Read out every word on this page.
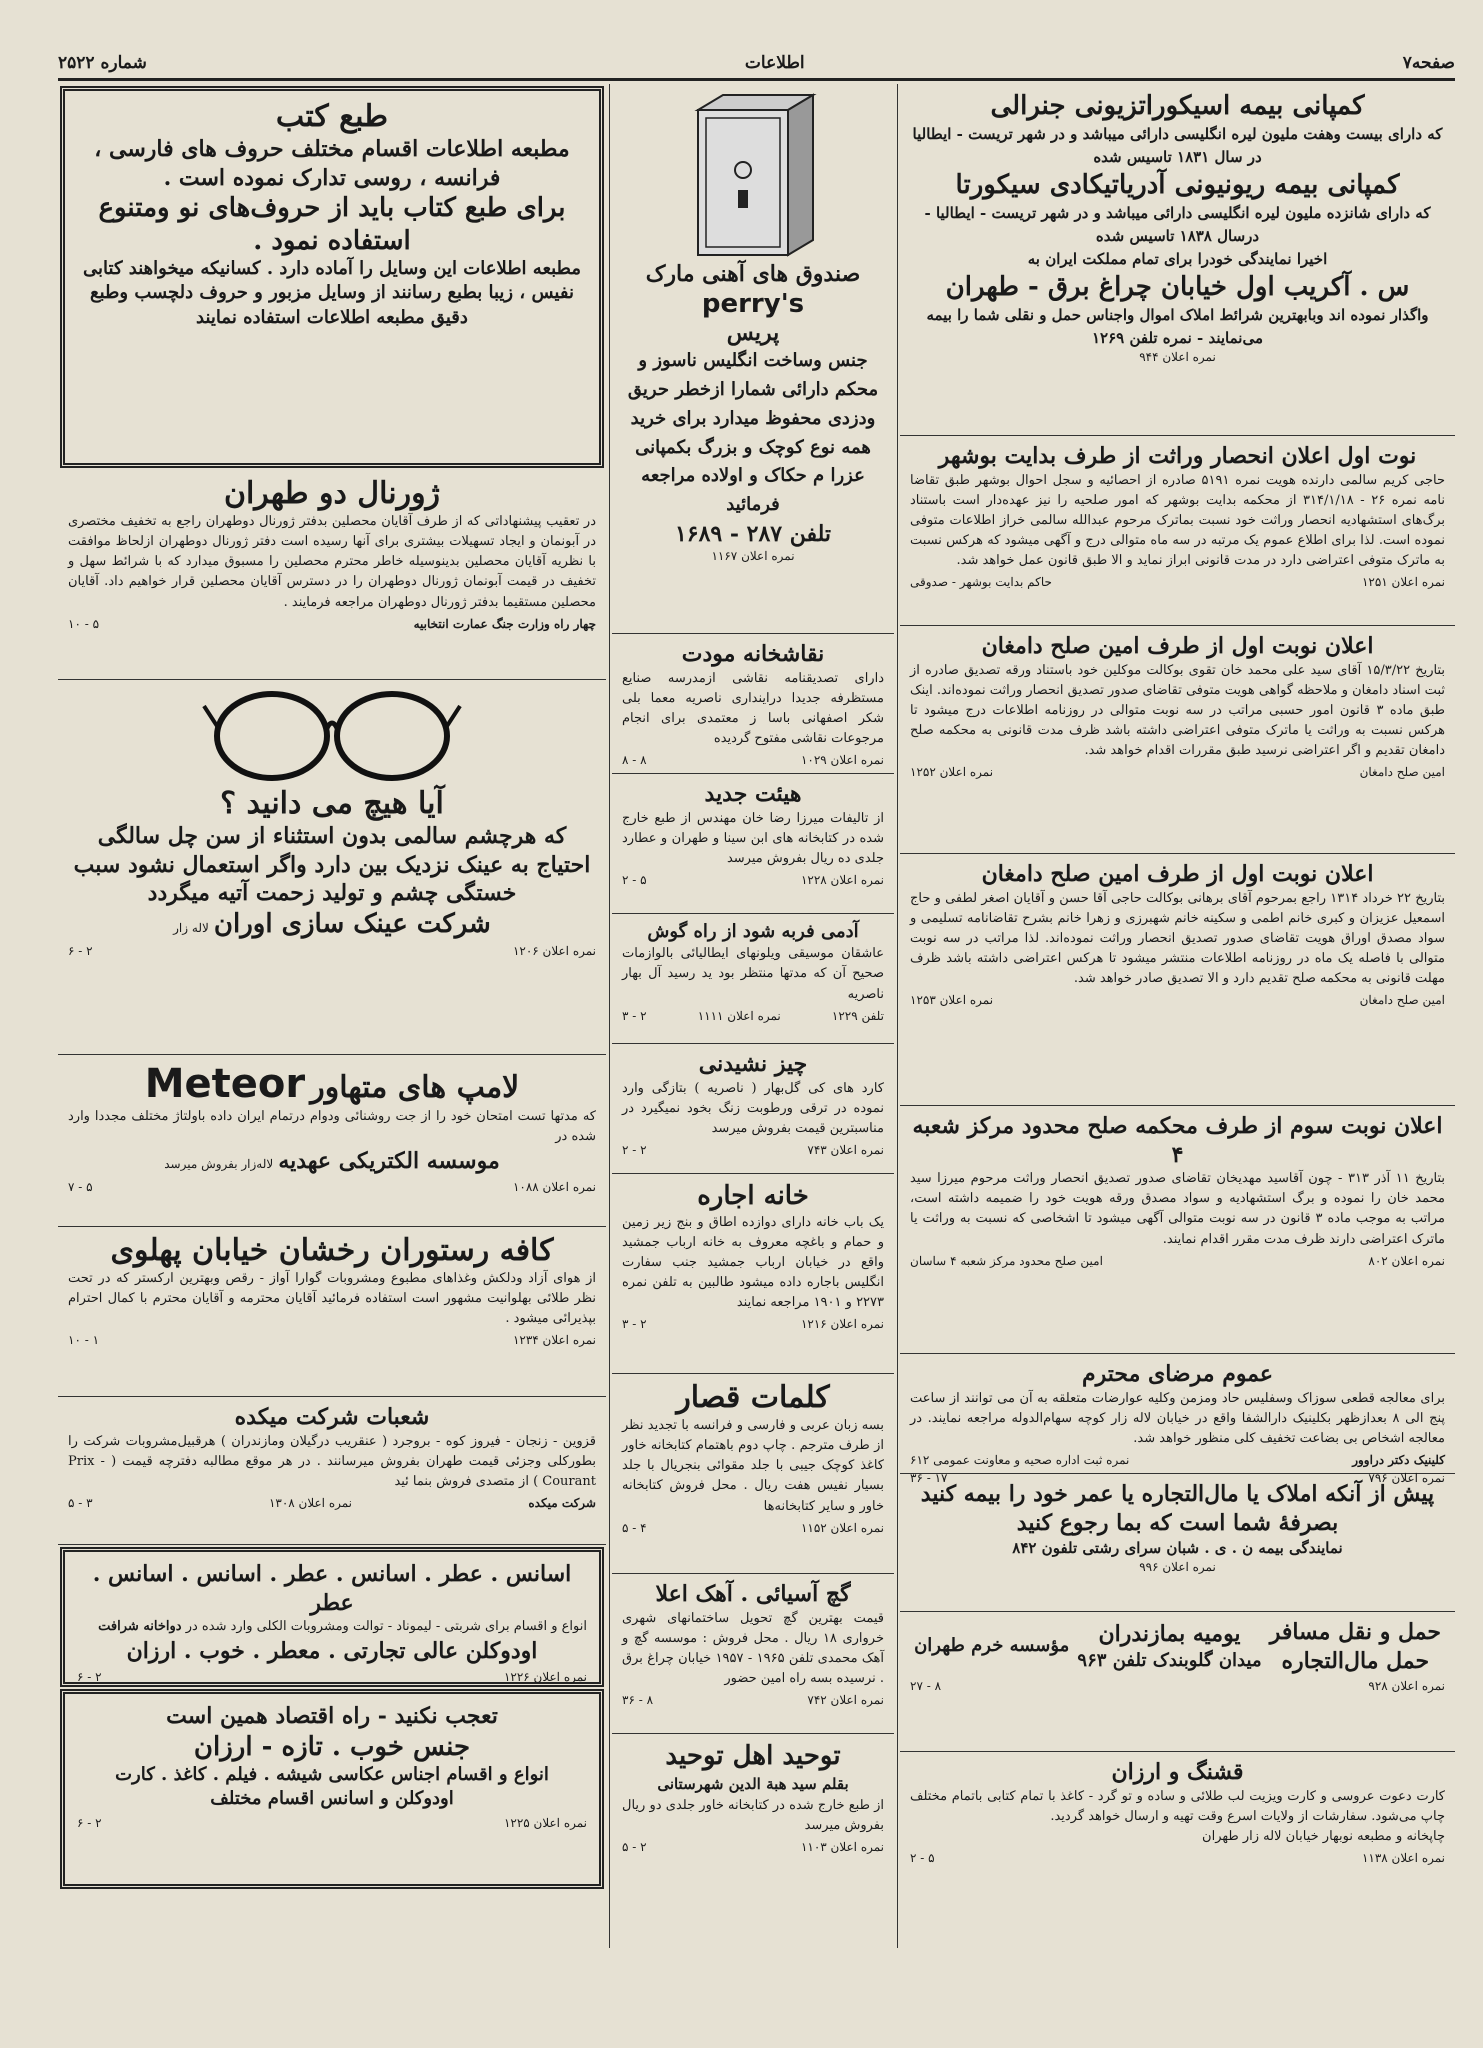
شماره ۲۵۲۲	اطلاعات	صفحه۷
کمپانی بیمه اسیکوراتزیونی جنرالی
که دارای بیست وهفت ملیون لیره انگلیسی دارائی میباشد و در شهر تریست - ایطالیا در سال ۱۸۳۱ تاسیس شده
کمپانی بیمه ریونیونی آدریاتیکادی سیکورتا
که دارای شانزده ملیون لیره انگلیسی دارائی میباشد و در شهر تریست - ایطالیا - درسال ۱۸۳۸ تاسیس شده
اخیرا نمایندگی خودرا برای تمام مملکت ایران به
س . آکریب اول خیابان چراغ برق - طهران
واگذار نموده اند وبابهترین شرائط املاک اموال واجناس حمل و نقلی شما را بیمه می‌نمایند - نمره تلفن ۱۲۶۹
نمره اعلان ۹۴۴
نوت اول اعلان انحصار وراثت از طرف بدایت بوشهر
حاجی کریم سالمی دارنده هویت نمره ۵۱۹۱ صادره از احصائیه و سجل احوال بوشهر طبق تقاضا نامه نمره ۲۶ - ۳۱۴/۱/۱۸ از محکمه بدایت بوشهر که امور صلحیه را نیز عهده‌دار است باستناد برگ‌های استشهادیه انحصار وراثت خود نسبت بماترک مرحوم عبدالله سالمی خراز اطلاعات متوفی نموده است. لذا برای اطلاع عموم یک مرتبه در سه ماه متوالی درج و آگهی میشود که هرکس نسبت به ماترک متوفی اعتراضی دارد در مدت قانونی ابراز نماید و الا طبق قانون عمل خواهد شد.
نمره اعلان ۱۲۵۱
حاکم بدایت بوشهر - صدوقی
اعلان نوبت اول از طرف امین صلح دامغان
بتاریخ ۱۵/۳/۲۲ آقای سید علی محمد خان تقوی بوکالت موکلین خود باستناد ورقه تصدیق صادره از ثبت اسناد دامغان و ملاحظه گواهی هویت متوفی تقاضای صدور تصدیق انحصار وراثت نموده‌اند. اینک طبق ماده ۳ قانون امور حسبی مراتب در سه نوبت متوالی در روزنامه اطلاعات درج میشود تا هرکس نسبت به وراثت یا ماترک متوفی اعتراضی داشته باشد ظرف مدت قانونی به محکمه صلح دامغان تقدیم و اگر اعتراضی نرسید طبق مقررات اقدام خواهد شد.
امین صلح دامغان
نمره اعلان ۱۲۵۲
اعلان نوبت اول از طرف امین صلح دامغان
بتاریخ ۲۲ خرداد ۱۳۱۴ راجع بمرحوم آقای برهانی بوکالت حاجی آقا حسن و آقایان اصغر لطفی و حاج اسمعیل عزیزان و کبری خانم اطمی و سکینه خانم شهبرزی و زهرا خانم بشرح تقاضانامه تسلیمی و سواد مصدق اوراق هویت تقاضای صدور تصدیق انحصار وراثت نموده‌اند. لذا مراتب در سه نوبت متوالی با فاصله یک ماه در روزنامه اطلاعات منتشر میشود تا هرکس اعتراضی داشته باشد ظرف مهلت قانونی به محکمه صلح تقدیم دارد و الا تصدیق صادر خواهد شد.
امین صلح دامغان
نمره اعلان ۱۲۵۳
اعلان نوبت سوم از طرف محکمه صلح محدود مرکز شعبه ۴
بتاریخ ۱۱ آذر ۳۱۳ - چون آقاسید مهدیخان تقاضای صدور تصدیق انحصار وراثت مرحوم میرزا سید محمد خان را نموده و برگ استشهادیه و سواد مصدق ورقه هویت خود را ضمیمه داشته است، مراتب به موجب ماده ۳ قانون در سه نوبت متوالی آگهی میشود تا اشخاصی که نسبت به وراثت یا ماترک اعتراضی دارند ظرف مدت مقرر اقدام نمایند.
نمره اعلان ۸۰۲
امین صلح محدود مرکز شعبه ۴ ساسان
عموم مرضای محترم
برای معالجه قطعی سوزاک وسفلیس حاد ومزمن وکلیه عوارضات متعلقه به آن می توانند از ساعت پنج الی ۸ بعدازظهر بکلینیک دارالشفا واقع در خیابان لاله زار کوچه سهام‌الدوله مراجعه نمایند. در معالجه اشخاص بی بضاعت تخفیف کلی منظور خواهد شد.
کلینیک دکتر دراوور
نمره ثبت اداره صحیه و معاونت عمومی ۶۱۲
نمره اعلان ۷۹۶
۱۷ - ۳۶
پیش از آنکه املاک یا مال‌التجاره یا عمر خود را بیمه کنید بصرفهٔ شما است که بما رجوع کنید
نمایندگی بیمه ن . ی . شبان سرای رشتی تلفون ۸۴۲
نمره اعلان ۹۹۶
حمل و نقل مسافر
حمل مال‌التجاره
یومیه بمازندران
میدان گلوبندک تلفن ۹۶۳
مؤسسه خرم طهران
نمره اعلان ۹۲۸
۸ - ۲۷
قشنگ و ارزان
کارت دعوت عروسی و کارت ویزیت لب طلائی و ساده و تو گرد - کاغذ با تمام کتابی باتمام مختلف چاپ می‌شود. سفارشات از ولایات اسرع وقت تهیه و ارسال خواهد گردید.
چاپخانه و مطبعه نوبهار خیابان لاله زار طهران
نمره اعلان ۱۱۳۸
۵ - ۲
صندوق های آهنی مارک
perry's
پریس
جنس وساخت انگلیس ناسوز و محکم دارائی شمارا ازخطر حریق ودزدی محفوظ میدارد برای خرید همه نوع کوچک و بزرگ بکمپانی عزرا م حکاک و اولاده مراجعه فرمائید
تلفن ۲۸۷ - ۱۶۸۹
نمره اعلان ۱۱۶۷
نقاشخانه مودت
دارای تصدیقنامه نقاشی ازمدرسه صنایع مستظرفه جدیدا دراینداری ناصریه معما بلی شکر اصفهانی باسا ز معتمدی برای انجام مرجوعات نقاشی مفتوح گردیده
نمره اعلان ۱۰۲۹
۸ - ۸
هیئت جدید
از تالیفات میرزا رضا خان مهندس از طبع خارج شده در کتابخانه های ابن سینا و طهران و عطارد جلدی ده ریال بفروش میرسد
نمره اعلان ۱۲۲۸
۵ - ۲
آدمی فربه شود از راه گوش
عاشقان موسیقی ویلونهای ایطالیائی بالوازمات صحیح آن که مدتها منتظر بود ید رسید آل بهار ناصریه
تلفن ۱۲۲۹
نمره اعلان ۱۱۱۱
۲ - ۳
چیز نشیدنی
کارد های کی گل‌بهار ( ناصریه ) بتازگی وارد نموده در ترقی ورطوبت زنگ بخود نمیگیرد در مناسبترین قیمت بفروش میرسد
نمره اعلان ۷۴۳
۲ - ۲
خانه اجاره
یک باب خانه دارای دوازده اطاق و بنج زیر زمین و حمام و باغچه معروف به خانه ارباب جمشید واقع در خیابان ارباب جمشید جنب سفارت انگلیس باجاره داده میشود طالبین به تلفن نمره ۲۲۷۳ و ۱۹۰۱ مراجعه نمایند
نمره اعلان ۱۲۱۶
۲ - ۳
کلمات قصار
بسه زبان عربی و فارسی و فرانسه با تجدید نظر از طرف مترجم . چاپ دوم باهتمام کتابخانه خاور کاغذ کوچک جیبی با جلد مقوائی بنجریال با جلد بسیار نفیس هفت ریال . محل فروش کتابخانه خاور و سایر کتابخانه‌ها
نمره اعلان ۱۱۵۲
۴ - ۵
گچ آسیائی . آهک اعلا
قیمت بهترین گچ تحویل ساختمانهای شهری خرواری ۱۸ ریال . محل فروش : موسسه گچ و آهک محمدی تلفن ۱۹۶۵ - ۱۹۵۷ خیابان چراغ برق . نرسیده بسه راه امین حضور
نمره اعلان ۷۴۲
۸ - ۳۶
توحید اهل توحید
بقلم سید هبة الدین شهرستانی
از طبع خارج شده در کتابخانه خاور جلدی دو ریال بفروش میرسد
نمره اعلان ۱۱۰۳
۲ - ۵
طبع کتب
مطبعه اطلاعات اقسام مختلف حروف های فارسی ، فرانسه ، روسی تدارک نموده است .
برای طبع کتاب باید از حروف‌های نو ومتنوع استفاده نمود .
مطبعه اطلاعات این وسایل را آماده دارد . کسانیکه میخواهند کتابی نفیس ، زیبا بطبع رسانند از وسایل مزبور و حروف دلچسب وطبع دقیق مطبعه اطلاعات استفاده نمایند
ژورنال دو طهران
در تعقیب پیشنهاداتی که از طرف آقایان محصلین بدفتر ژورنال دوطهران راجع به تخفیف مختصری در آبونمان و ایجاد تسهیلات بیشتری برای آنها رسیده است دفتر ژورنال دوطهران ازلحاظ موافقت با نظریه آقایان محصلین بدینوسیله خاطر محترم محصلین را مسبوق میدارد که با شرائط سهل و تخفیف در قیمت آبونمان ژورنال دوطهران را در دسترس آقایان محصلین قرار خواهیم داد. آقایان محصلین مستقیما بدفتر ژورنال دوطهران مراجعه فرمایند .
چهار راه وزارت جنگ عمارت انتخابیه
۵ - ۱۰
آیا هیچ می دانید ؟
که هرچشم سالمی بدون استثناء از سن چل سالگی احتیاج به عینک نزدیک بین دارد واگر استعمال نشود سبب خستگی چشم و تولید زحمت آتیه میگردد
شرکت عینک سازی اوران لاله زار
نمره اعلان ۱۲۰۶
۲ - ۶
لامپ های متهاور Meteor
که مدتها تست امتحان خود را از جت روشنائی ودوام درتمام ایران داده باولتاژ مختلف مجددا وارد شده در
موسسه الکتریکی عهدیه لاله‌زار بفروش میرسد
نمره اعلان ۱۰۸۸
۵ - ۷
کافه رستوران رخشان خیابان پهلوی
از هوای آزاد ودلکش وغذاهای مطبوع ومشروبات گوارا آواز - رقص وبهترین ارکستر که در تحت نظر طلائی بهلوانیت مشهور است استفاده فرمائید آقایان محترمه و آقایان محترم با کمال احترام بپذیرائی میشود .
نمره اعلان ۱۲۳۴
۱ - ۱۰
شعبات شرکت میکده
قزوین - زنجان - فیروز کوه - بروجرد ( عنقریب درگیلان ومازندران ) هرقبیل‌مشروبات شرکت را بطورکلی وجزئی قیمت طهران بفروش میرسانند . در هر موقع مطالبه دفترچه قیمت ( Prix - Courant ) از متصدی فروش بنما ئید
شرکت میکده
نمره اعلان ۱۳۰۸
۳ - ۵
اسانس . عطر . اسانس . عطر . اسانس . اسانس . عطر
انواع و اقسام برای شربتی - لیموناد - توالت ومشروبات الکلی وارد شده در دواخانه شرافت
اودوکلن عالی تجارتی . معطر . خوب . ارزان
نمره اعلان ۱۲۲۶
۲ - ۶
تعجب نکنید - راه اقتصاد همین است
جنس خوب . تازه - ارزان
انواع و اقسام اجناس عکاسی شیشه . فیلم . کاغذ . کارت
اودوکلن و اسانس اقسام مختلف
نمره اعلان ۱۲۲۵
۲ - ۶
